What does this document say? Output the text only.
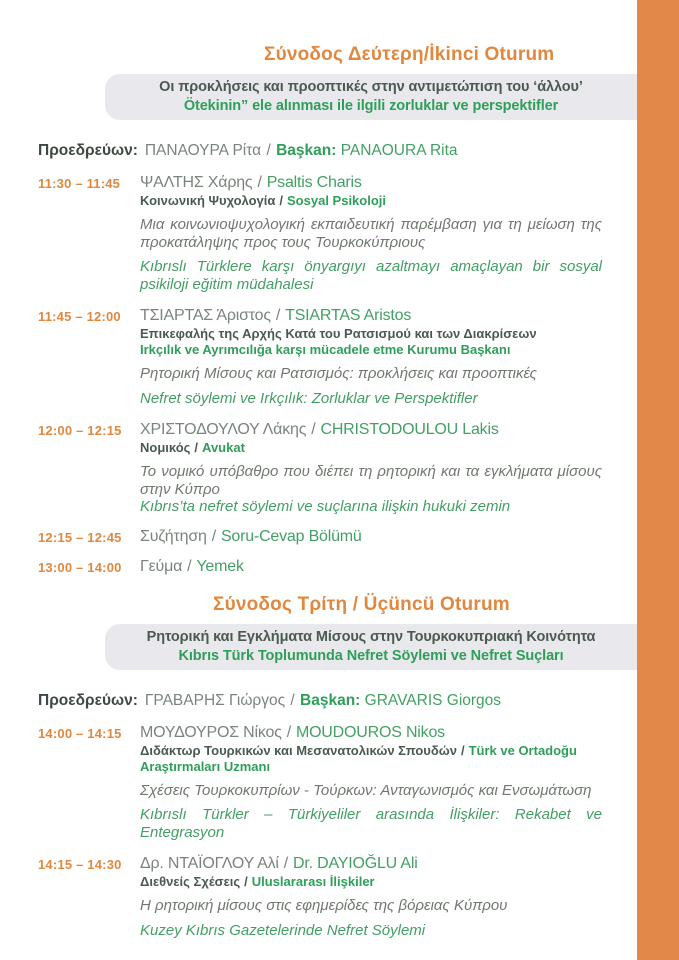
Σύνοδος Δεύτερη/İkinci Oturum
Οι προκλήσεις και προοπτικές στην αντιμετώπιση του ‘άλλου’
Ötekinin” ele alınması ile ilgili zorluklar ve perspektifler

Προεδρεύων: ΠΑΝΑΟΥΡΑ Ρίτα / Başkan: PANAOURA Rita

11:30 – 11:45	ΨΑΛΤΗΣ Χάρης / Psaltis Charis
Κοινωνική Ψυχολογία / Sosyal Psikoloji

Μια κοινωνιοψυχολογική εκπαιδευτική παρέμβαση για τη μείωση της προκατάληψης προς τους Τουρκοκύπριους

Kıbrıslı Türklere karşı önyargıyı azaltmayı amaçlayan bir sosyal psikiloji eğitim müdahalesi

11:45 – 12:00	ΤΣΙΑΡΤΑΣ Άριστος / TSIARTAS Aristos
Επικεφαλής της Αρχής Κατά του Ρατσισμού και των Διακρίσεων
Irkçılık ve Ayrımcılığa karşı mücadele etme Kurumu Başkanı

Ρητορική Μίσους και Ρατσισμός: προκλήσεις και προοπτικές

Nefret söylemi ve Irkçılık: Zorluklar ve Perspektifler

12:00 – 12:15	ΧΡΙΣΤΟΔΟΥΛΟΥ Λάκης / CHRISTODOULOU Lakis
Νομικός / Avukat

Το νομικό υπόβαθρο που διέπει τη ρητορική και τα εγκλήματα μίσους στην Κύπρο

Kıbrıs’ta nefret söylemi ve suçlarına ilişkin hukuki zemin

12:15 – 12:45	Συζήτηση / Soru-Cevap Bölümü
13:00 – 14:00	Γεύμα / Yemek
Σύνοδος Τρίτη / Üçüncü Oturum
Ρητορική και Εγκλήματα Μίσους στην Τουρκοκυπριακή Κοινότητα
Kıbrıs Türk Toplumunda Nefret Söylemi ve Nefret Suçları

Προεδρεύων: ΓΡΑΒΑΡΗΣ Γιώργος / Başkan: GRAVARIS Giorgos

14:00 – 14:15	ΜΟΥΔΟΥΡΟΣ Νίκος / MOUDOUROS Nikos
Διδάκτωρ Τουρκικών και Μεσανατολικών Σπουδών / Türk ve Ortadoğu Araştırmaları Uzmanı

Σχέσεις Τουρκοκυπρίων - Τούρκων: Ανταγωνισμός και Ενσωμάτωση

Kıbrıslı Türkler – Türkiyeliler arasında İlişkiler: Rekabet ve Entegrasyon

14:15 – 14:30	Δρ. ΝΤΑΪΟΓΛΟΥ Αλί / Dr. DAYIOĞLU Ali
Διεθνείς Σχέσεις / Uluslararası İlişkiler

Η ρητορική μίσους στις εφημερίδες της βόρειας Κύπρου

Kuzey Kıbrıs Gazetelerinde Nefret Söylemi
